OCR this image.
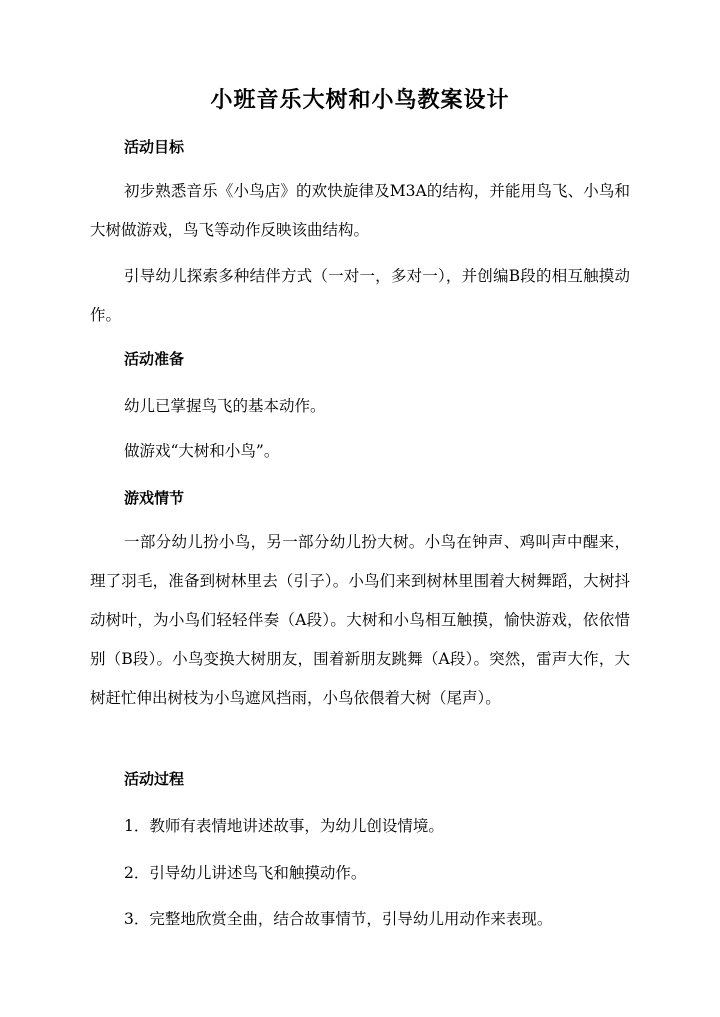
小班音乐大树和小鸟教案设计
活动目标
初步熟悉音乐《小鸟店》的欢快旋律及M3A的结构，并能用鸟飞、小鸟和大树做游戏，鸟飞等动作反映该曲结构。
引导幼儿探索多种结伴方式（一对一，多对一），并创编B段的相互触摸动作。
活动准备
幼儿已掌握鸟飞的基本动作。
做游戏“大树和小鸟”。
游戏情节
一部分幼儿扮小鸟，另一部分幼儿扮大树。小鸟在钟声、鸡叫声中醒来，理了羽毛，准备到树林里去（引子）。小鸟们来到树林里围着大树舞蹈，大树抖动树叶，为小鸟们轻轻伴奏（A段）。大树和小鸟相互触摸，愉快游戏，依依惜别（B段）。小鸟变换大树朋友，围着新朋友跳舞（A段）。突然，雷声大作，大树赶忙伸出树枝为小鸟遮风挡雨，小鸟依偎着大树（尾声）。
活动过程
1．教师有表情地讲述故事，为幼儿创设情境。
2．引导幼儿讲述鸟飞和触摸动作。
3．完整地欣赏全曲，结合故事情节，引导幼儿用动作来表现。
